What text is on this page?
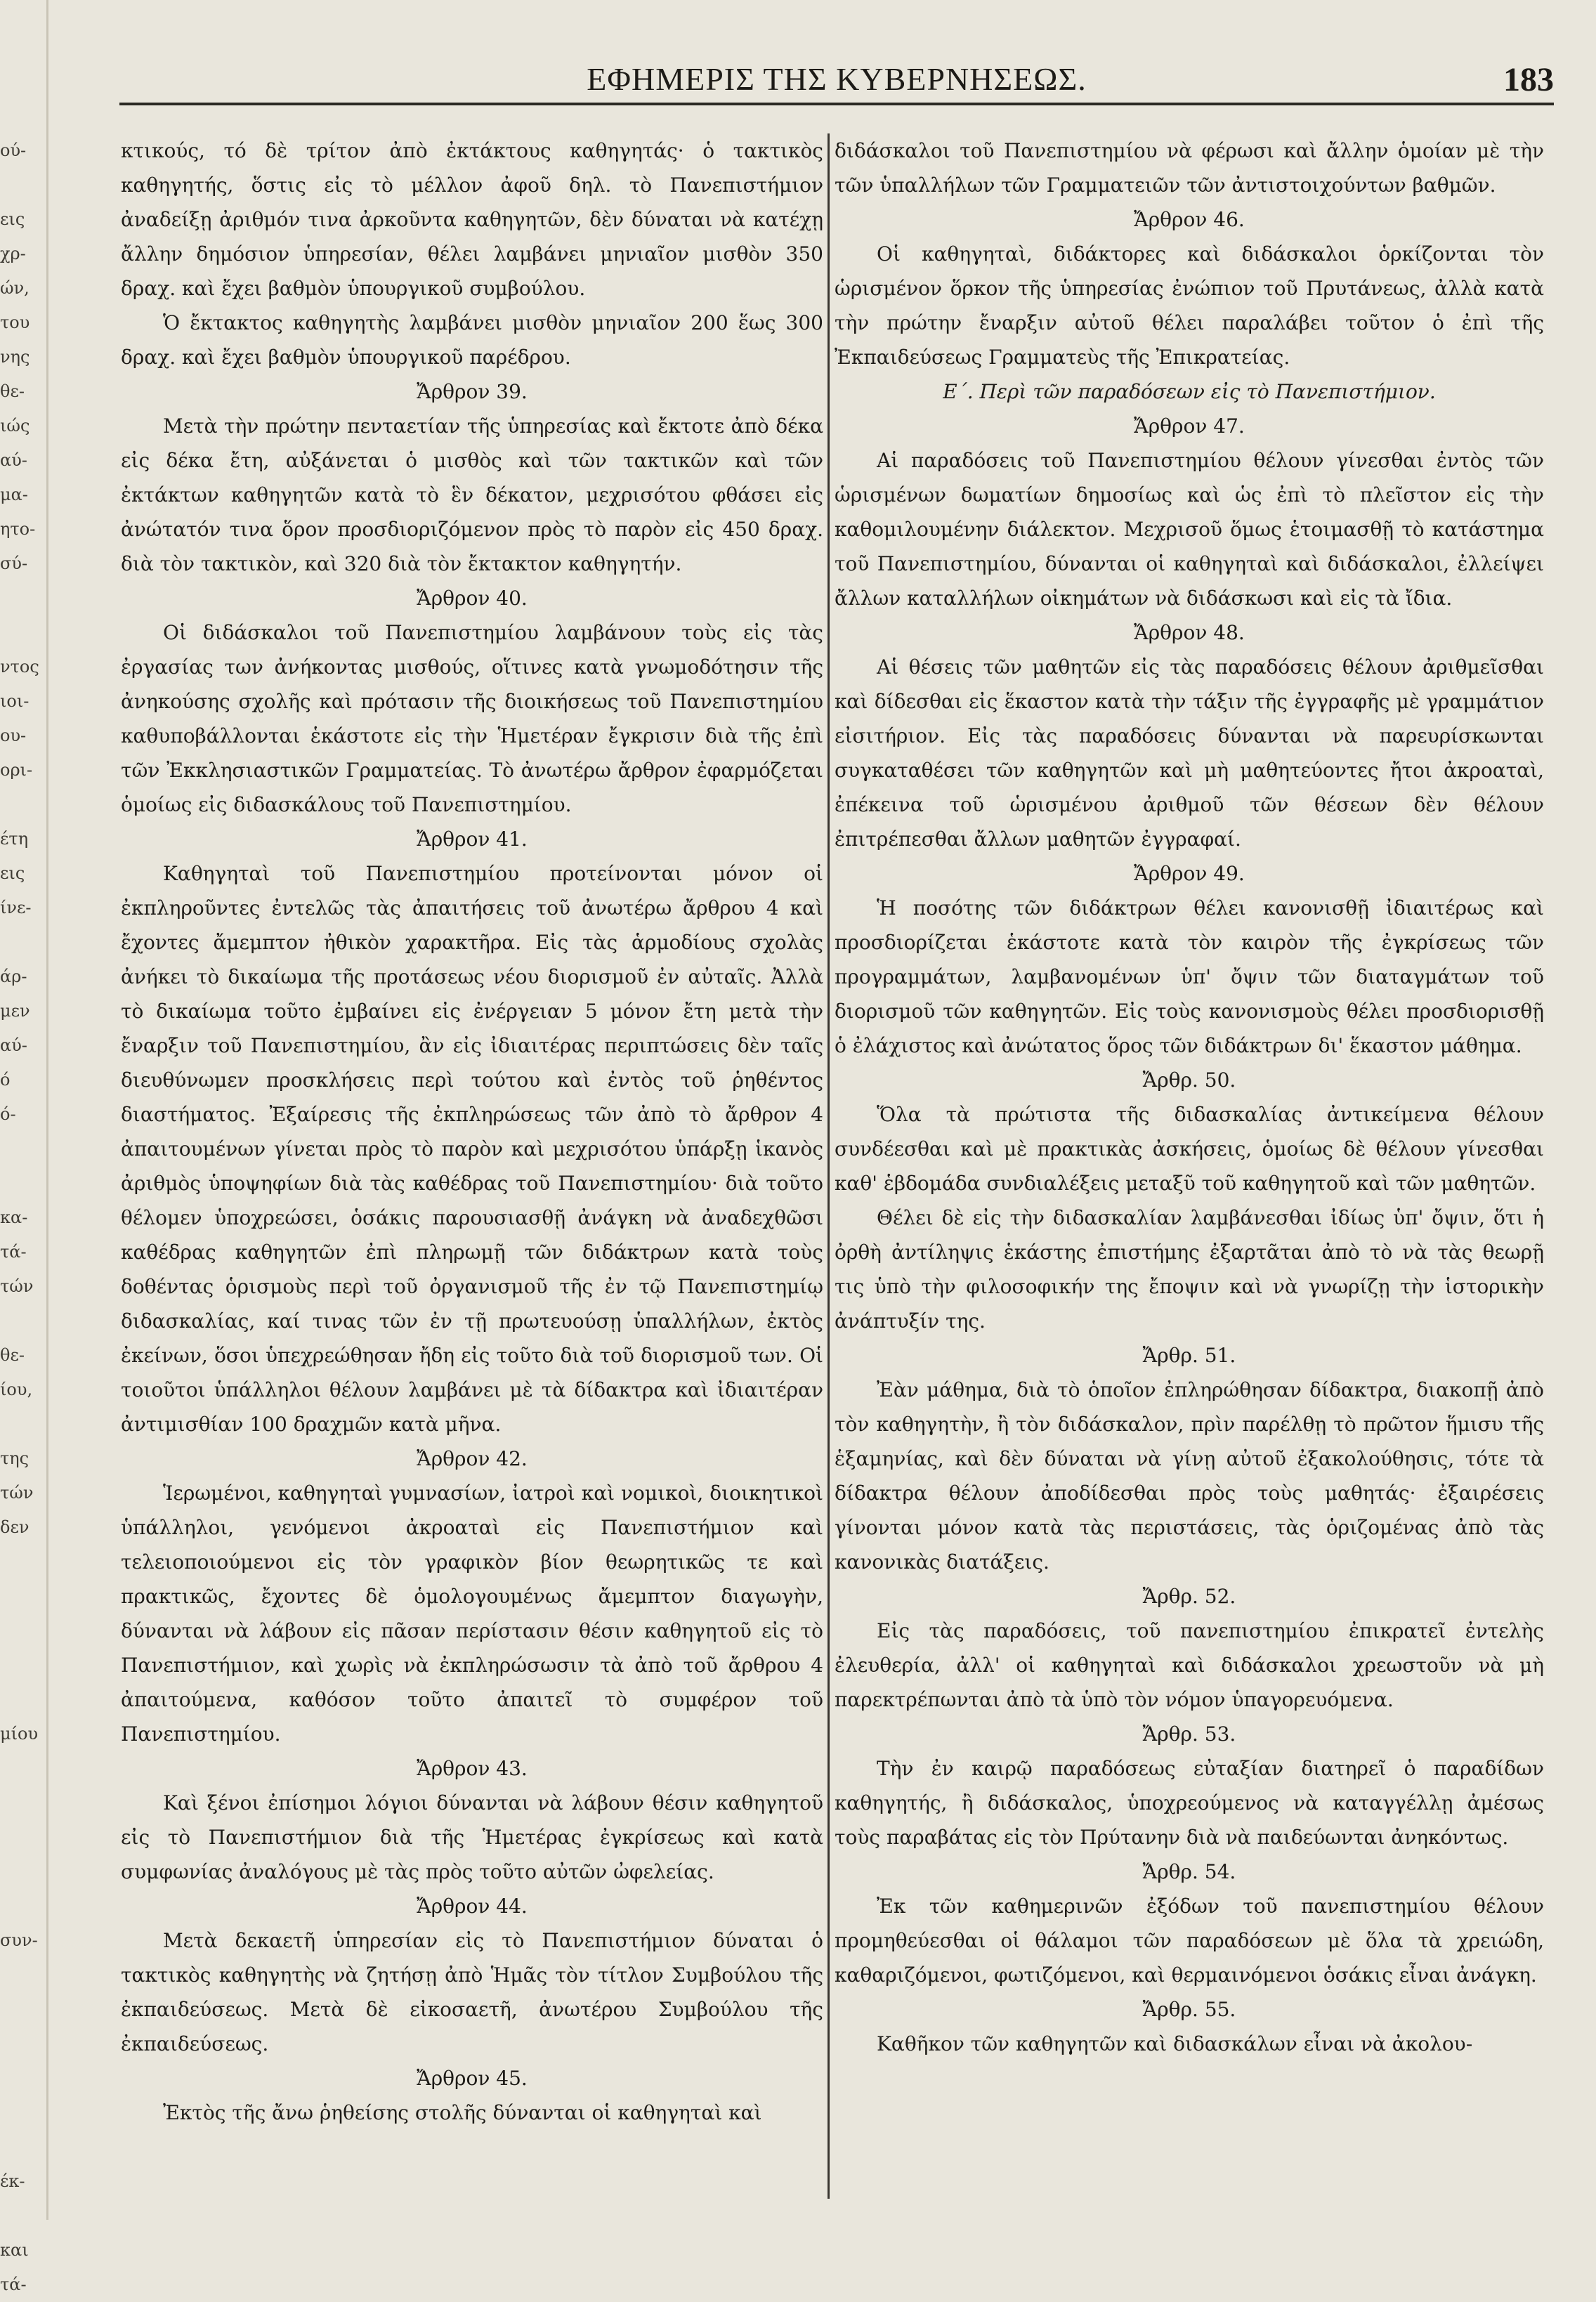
ού-
εις
χρ-
ών,
του
νης
θε-
ιώς
αύ-
μα-
ητο-
σύ-
ντος
ιοι-
ου-
ορι-
έτη
εις
ίνε-
άρ-
μεν
αύ-
ό
ό-
κα-
τά-
τών
θε-
ίου,
της
τών
δεν
μίου
συν-
έκ-
και
τά-
ΕΦΗΜΕΡΙΣ ΤΗΣ ΚΥΒΕΡΝΗΣΕΩΣ.	183

κτικούς, τό δὲ τρίτον ἀπὸ ἐκτάκτους καθηγητάς· ὁ τακτικὸς καθηγητής, ὅστις εἰς τὸ μέλλον ἀφοῦ δηλ. τὸ Πανεπιστήμιον ἀναδείξῃ ἀριθμόν τινα ἀρκοῦντα καθηγητῶν, δὲν δύναται νὰ κατέχῃ ἄλλην δημόσιον ὑπηρεσίαν, θέλει λαμβάνει μηνιαῖον μισθὸν 350 δραχ. καὶ ἔχει βαθμὸν ὑπουργικοῦ συμβούλου.

Ὁ ἔκτακτος καθηγητὴς λαμβάνει μισθὸν μηνιαῖον 200 ἕως 300 δραχ. καὶ ἔχει βαθμὸν ὑπουργικοῦ παρέδρου.

Ἄρθρον 39.

Μετὰ τὴν πρώτην πενταετίαν τῆς ὑπηρεσίας καὶ ἔκτοτε ἀπὸ δέκα εἰς δέκα ἔτη, αὐξάνεται ὁ μισθὸς καὶ τῶν τακτικῶν καὶ τῶν ἐκτάκτων καθηγητῶν κατὰ τὸ ἓν δέκατον, μεχρισότου φθάσει εἰς ἀνώτατόν τινα ὅρον προσδιοριζόμενον πρὸς τὸ παρὸν εἰς 450 δραχ. διὰ τὸν τακτικὸν, καὶ 320 διὰ τὸν ἔκτακτον καθηγητήν.

Ἄρθρον 40.

Οἱ διδάσκαλοι τοῦ Πανεπιστημίου λαμβάνουν τοὺς εἰς τὰς ἐργασίας των ἀνήκοντας μισθούς, οἵτινες κατὰ γνωμοδότησιν τῆς ἀνηκούσης σχολῆς καὶ πρότασιν τῆς διοικήσεως τοῦ Πανεπιστημίου καθυποβάλλονται ἑκάστοτε εἰς τὴν Ἡμετέραν ἔγκρισιν διὰ τῆς ἐπὶ τῶν Ἐκκλησιαστικῶν Γραμματείας. Τὸ ἀνωτέρω ἄρθρον ἐφαρμόζεται ὁμοίως εἰς διδασκάλους τοῦ Πανεπιστημίου.

Ἄρθρον 41.

Καθηγηταὶ τοῦ Πανεπιστημίου προτείνονται μόνον οἱ ἐκπληροῦντες ἐντελῶς τὰς ἀπαιτήσεις τοῦ ἀνωτέρω ἄρθρου 4 καὶ ἔχοντες ἄμεμπτον ἠθικὸν χαρακτῆρα. Εἰς τὰς ἁρμοδίους σχολὰς ἀνήκει τὸ δικαίωμα τῆς προτάσεως νέου διορισμοῦ ἐν αὐταῖς. Ἀλλὰ τὸ δικαίωμα τοῦτο ἐμβαίνει εἰς ἐνέργειαν 5 μόνον ἔτη μετὰ τὴν ἔναρξιν τοῦ Πανεπιστημίου, ἂν εἰς ἰδιαιτέρας περιπτώσεις δὲν ταῖς διευθύνωμεν προσκλήσεις περὶ τούτου καὶ ἐντὸς τοῦ ῥηθέντος διαστήματος. Ἐξαίρεσις τῆς ἐκπληρώσεως τῶν ἀπὸ τὸ ἄρθρον 4 ἀπαιτουμένων γίνεται πρὸς τὸ παρὸν καὶ μεχρισότου ὑπάρξῃ ἱκανὸς ἀριθμὸς ὑποψηφίων διὰ τὰς καθέδρας τοῦ Πανεπιστημίου· διὰ τοῦτο θέλομεν ὑποχρεώσει, ὁσάκις παρουσιασθῇ ἀνάγκη νὰ ἀναδεχθῶσι καθέδρας καθηγητῶν ἐπὶ πληρωμῇ τῶν διδάκτρων κατὰ τοὺς δοθέντας ὁρισμοὺς περὶ τοῦ ὀργανισμοῦ τῆς ἐν τῷ Πανεπιστημίῳ διδασκαλίας, καί τινας τῶν ἐν τῇ πρωτευούσῃ ὑπαλλήλων, ἐκτὸς ἐκείνων, ὅσοι ὑπεχρεώθησαν ἤδη εἰς τοῦτο διὰ τοῦ διορισμοῦ των. Οἱ τοιοῦτοι ὑπάλληλοι θέλουν λαμβάνει μὲ τὰ δίδακτρα καὶ ἰδιαιτέραν ἀντιμισθίαν 100 δραχμῶν κατὰ μῆνα.

Ἄρθρον 42.

Ἱερωμένοι, καθηγηταὶ γυμνασίων, ἰατροὶ καὶ νομικοὶ, διοικητικοὶ ὑπάλληλοι, γενόμενοι ἀκροαταὶ εἰς Πανεπιστήμιον καὶ τελειοποιούμενοι εἰς τὸν γραφικὸν βίον θεωρητικῶς τε καὶ πρακτικῶς, ἔχοντες δὲ ὁμολογουμένως ἄμεμπτον διαγωγὴν, δύνανται νὰ λάβουν εἰς πᾶσαν περίστασιν θέσιν καθηγητοῦ εἰς τὸ Πανεπιστήμιον, καὶ χωρὶς νὰ ἐκπληρώσωσιν τὰ ἀπὸ τοῦ ἄρθρου 4 ἀπαιτούμενα, καθόσον τοῦτο ἀπαιτεῖ τὸ συμφέρον τοῦ Πανεπιστημίου.

Ἄρθρον 43.

Καὶ ξένοι ἐπίσημοι λόγιοι δύνανται νὰ λάβουν θέσιν καθηγητοῦ εἰς τὸ Πανεπιστήμιον διὰ τῆς Ἡμετέρας ἐγκρίσεως καὶ κατὰ συμφωνίας ἀναλόγους μὲ τὰς πρὸς τοῦτο αὐτῶν ὠφελείας.

Ἄρθρον 44.

Μετὰ δεκαετῆ ὑπηρεσίαν εἰς τὸ Πανεπιστήμιον δύναται ὁ τακτικὸς καθηγητὴς νὰ ζητήσῃ ἀπὸ Ἡμᾶς τὸν τίτλον Συμβούλου τῆς ἐκπαιδεύσεως. Μετὰ δὲ εἰκοσαετῆ, ἀνωτέρου Συμβούλου τῆς ἐκπαιδεύσεως.

Ἄρθρον 45.

Ἐκτὸς τῆς ἄνω ῥηθείσης στολῆς δύνανται οἱ καθηγηταὶ καὶ

διδάσκαλοι τοῦ Πανεπιστημίου νὰ φέρωσι καὶ ἄλλην ὁμοίαν μὲ τὴν τῶν ὑπαλλήλων τῶν Γραμματειῶν τῶν ἀντιστοιχούντων βαθμῶν.

Ἄρθρον 46.

Οἱ καθηγηταὶ, διδάκτορες καὶ διδάσκαλοι ὁρκίζονται τὸν ὡρισμένον ὅρκον τῆς ὑπηρεσίας ἐνώπιον τοῦ Πρυτάνεως, ἀλλὰ κατὰ τὴν πρώτην ἔναρξιν αὐτοῦ θέλει παραλάβει τοῦτον ὁ ἐπὶ τῆς Ἐκπαιδεύσεως Γραμματεὺς τῆς Ἐπικρατείας.

Ε΄. Περὶ τῶν παραδόσεων εἰς τὸ Πανεπιστήμιον.

Ἄρθρον 47.

Αἱ παραδόσεις τοῦ Πανεπιστημίου θέλουν γίνεσθαι ἐντὸς τῶν ὡρισμένων δωματίων δημοσίως καὶ ὡς ἐπὶ τὸ πλεῖστον εἰς τὴν καθομιλουμένην διάλεκτον. Μεχρισοῦ ὅμως ἑτοιμασθῇ τὸ κατάστημα τοῦ Πανεπιστημίου, δύνανται οἱ καθηγηταὶ καὶ διδάσκαλοι, ἐλλείψει ἄλλων καταλλήλων οἰκημάτων νὰ διδάσκωσι καὶ εἰς τὰ ἴδια.

Ἄρθρον 48.

Αἱ θέσεις τῶν μαθητῶν εἰς τὰς παραδόσεις θέλουν ἀριθμεῖσθαι καὶ δίδεσθαι εἰς ἕκαστον κατὰ τὴν τάξιν τῆς ἐγγραφῆς μὲ γραμμάτιον εἰσιτήριον. Εἰς τὰς παραδόσεις δύνανται νὰ παρευρίσκωνται συγκαταθέσει τῶν καθηγητῶν καὶ μὴ μαθητεύοντες ἤτοι ἀκροαταὶ, ἐπέκεινα τοῦ ὡρισμένου ἀριθμοῦ τῶν θέσεων δὲν θέλουν ἐπιτρέπεσθαι ἄλλων μαθητῶν ἐγγραφαί.

Ἄρθρον 49.

Ἡ ποσότης τῶν διδάκτρων θέλει κανονισθῇ ἰδιαιτέρως καὶ προσδιορίζεται ἑκάστοτε κατὰ τὸν καιρὸν τῆς ἐγκρίσεως τῶν προγραμμάτων, λαμβανομένων ὑπ' ὄψιν τῶν διαταγμάτων τοῦ διορισμοῦ τῶν καθηγητῶν. Εἰς τοὺς κανονισμοὺς θέλει προσδιορισθῇ ὁ ἐλάχιστος καὶ ἀνώτατος ὅρος τῶν διδάκτρων δι' ἕκαστον μάθημα.

Ἄρθρ. 50.

Ὅλα τὰ πρώτιστα τῆς διδασκαλίας ἀντικείμενα θέλουν συνδέεσθαι καὶ μὲ πρακτικὰς ἀσκήσεις, ὁμοίως δὲ θέλουν γίνεσθαι καθ' ἑβδομάδα συνδιαλέξεις μεταξῦ τοῦ καθηγητοῦ καὶ τῶν μαθητῶν.

Θέλει δὲ εἰς τὴν διδασκαλίαν λαμβάνεσθαι ἰδίως ὑπ' ὄψιν, ὅτι ἡ ὀρθὴ ἀντίληψις ἑκάστης ἐπιστήμης ἐξαρτᾶται ἀπὸ τὸ νὰ τὰς θεωρῇ τις ὑπὸ τὴν φιλοσοφικήν της ἔποψιν καὶ νὰ γνωρίζῃ τὴν ἱστορικὴν ἀνάπτυξίν της.

Ἄρθρ. 51.

Ἐὰν μάθημα, διὰ τὸ ὁποῖον ἐπληρώθησαν δίδακτρα, διακοπῇ ἀπὸ τὸν καθηγητὴν, ἢ τὸν διδάσκαλον, πρὶν παρέλθῃ τὸ πρῶτον ἥμισυ τῆς ἑξαμηνίας, καὶ δὲν δύναται νὰ γίνῃ αὐτοῦ ἐξακολούθησις, τότε τὰ δίδακτρα θέλουν ἀποδίδεσθαι πρὸς τοὺς μαθητάς· ἐξαιρέσεις γίνονται μόνον κατὰ τὰς περιστάσεις, τὰς ὁριζομένας ἀπὸ τὰς κανονικὰς διατάξεις.

Ἄρθρ. 52.

Εἰς τὰς παραδόσεις, τοῦ πανεπιστημίου ἐπικρατεῖ ἐντελὴς ἐλευθερία, ἀλλ' οἱ καθηγηταὶ καὶ διδάσκαλοι χρεωστοῦν νὰ μὴ παρεκτρέπωνται ἀπὸ τὰ ὑπὸ τὸν νόμον ὑπαγορευόμενα.

Ἄρθρ. 53.

Τὴν ἐν καιρῷ παραδόσεως εὐταξίαν διατηρεῖ ὁ παραδίδων καθηγητής, ἢ διδάσκαλος, ὑποχρεούμενος νὰ καταγγέλλῃ ἀμέσως τοὺς παραβάτας εἰς τὸν Πρύτανην διὰ νὰ παιδεύωνται ἀνηκόντως.

Ἄρθρ. 54.

Ἐκ τῶν καθημερινῶν ἐξόδων τοῦ πανεπιστημίου θέλουν προμηθεύεσθαι οἱ θάλαμοι τῶν παραδόσεων μὲ ὅλα τὰ χρειώδη, καθαριζόμενοι, φωτιζόμενοι, καὶ θερμαινόμενοι ὁσάκις εἶναι ἀνάγκη.

Ἄρθρ. 55.

Καθῆκον τῶν καθηγητῶν καὶ διδασκάλων εἶναι νὰ ἀκολου-
